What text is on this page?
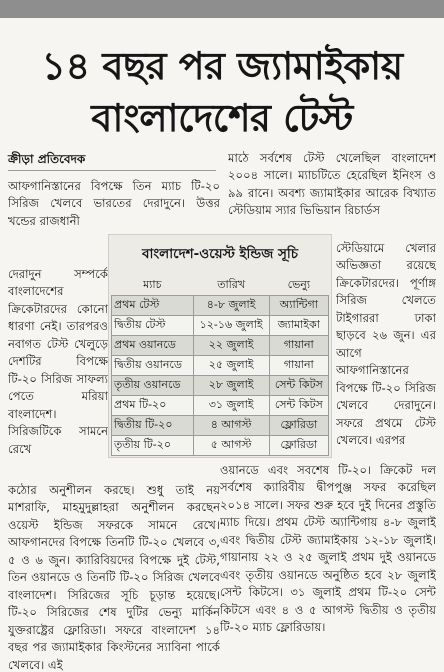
১৪ বছর পর জ্যামাইকায়
বাংলাদেশের টেস্ট
ক্রীড়া প্রতিবেদক

আফগানিস্তানের বিপক্ষে তিন ম্যাচ টি-২০ সিরিজ খেলবে ভারতের দেরাদুনে। উত্তর খন্ডের রাজধানী

দেরাদুন সম্পর্কে বাংলাদেশের ক্রিকেটারদের কোনো ধারণা নেই। তারপরও নবাগত টেস্ট খেলুড়ে দেশটির বিপক্ষে টি-২০ সিরিজ সাফল্য পেতে মরিয়া বাংলাদেশ। সিরিজটিকে সামনে রেখে

কঠোর অনুশীলন করছে। শুধু তাই নয় মাশরাফি, মাহমুদুল্লাহরা অনুশীলন করছেন ওয়েস্ট ইন্ডিজ সফরকে সামনে রেখে। আফগানদের বিপক্ষে তিনটি টি-২০ খেলবে ৩, ৫ ও ৬ জুন। ক্যারিবিয়দের বিপক্ষে দুই টেস্ট, তিন ওয়ানডে ও তিনটি টি-২০ সিরিজ খেলবে বাংলাদেশ। সিরিজের সূচি চূড়ান্ত হয়েছে। টি-২০ সিরিজের শেষ দুটির ভেন্যু মার্কিন যুক্তরাষ্ট্রের ফ্লোরিডা। সফরে বাংলাদেশ ১৪ বছর পর জ্যামাইকার কিংস্টনের স্যাবিনা পার্কে খেলবে। এই

মাঠে সর্বশেষ টেস্ট খেলেছিল বাংলাদেশ ২০০৪ সালে। ম্যাচটিতে হেরেছিল ইনিংস ও ৯৯ রানে। অবশ্য জ্যামাইকার আরেক বিখ্যাত স্টেডিয়াম স্যার ভিভিয়ান রিচার্ডস

স্টেডিয়ামে খেলার অভিজ্ঞতা রয়েছে ক্রিকেটারদের। পূর্ণাঙ্গ সিরিজ খেলতে টাইগাররা ঢাকা ছাড়বে ২৬ জুন। এর আগে আফগানিস্তানের বিপক্ষে টি-২০ সিরিজ খেলবে দেরাদুনে। সফরে প্রথমে টেস্ট খেলবে। এরপর

ওয়ানডে এবং সবশেষ টি-২০। ক্রিকেট দল সর্বশেষ ক্যারিবীয় দ্বীপপুঞ্জ সফর করেছিল ২০১৪ সালে। সফর শুরু হবে দুই দিনের প্রস্তুতি ম্যাচ দিয়ে। প্রথম টেস্ট অ্যান্টিগায় ৪-৮ জুলাই এবং দ্বিতীয় টেস্ট জ্যামাইকায় ১২-১৮ জুলাই। গায়ানায় ২২ ও ২৫ জুলাই প্রথম দুই ওয়ানডে এবং তৃতীয় ওয়ানডে অনুষ্ঠিত হবে ২৮ জুলাই সেন্ট কিটসে। ৩১ জুলাই প্রথম টি-২০ সেন্ট কিটসে এবং ৪ ও ৫ আগস্ট দ্বিতীয় ও তৃতীয় টি-২০ ম্যাচ ফ্লোরিডায়।

বাংলাদেশ-ওয়েস্ট ইন্ডিজ সূচি
ম্যাচ	তারিখ	ভেন্যু
প্রথম টেস্ট	৪-৮ জুলাই	অ্যান্টিগা
দ্বিতীয় টেস্ট	১২-১৬ জুলাই	জ্যামাইকা
প্রথম ওয়ানডে	২২ জুলাই	গায়ানা
দ্বিতীয় ওয়ানডে	২৫ জুলাই	গায়ানা
তৃতীয় ওয়ানডে	২৮ জুলাই	সেন্ট কিটস
প্রথম টি-২০	৩১ জুলাই	সেন্ট কিটস
দ্বিতীয় টি-২০	৪ আগস্ট	ফ্লোরিডা
তৃতীয় টি-২০	৫ আগস্ট	ফ্লোরিডা
